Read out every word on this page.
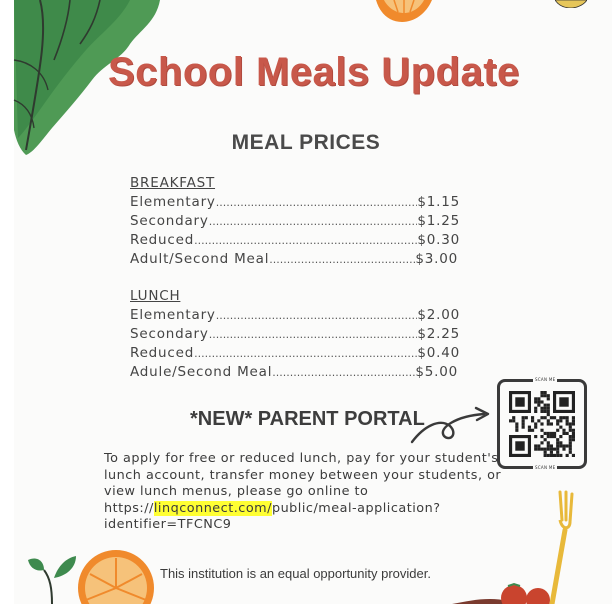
School Meals Update
MEAL PRICES
BREAKFAST
Elementary .....	$1.15
Secondary .....	$1.25
Reduced .....	$0.30
Adult/Second Meal .....	$3.00
LUNCH
Elementary .....	$2.00
Secondary .....	$2.25
Reduced .....	$0.40
Adule/Second Meal .....	$5.00
*NEW* PARENT PORTAL
SCAN ME
SCAN ME
To apply for free or reduced lunch, pay for your student's lunch account, transfer money between your students, or view lunch menus, please go online to
https://linqconnect.com/public/meal-application?
identifier=TFCNC9
This institution is an equal opportunity provider.
